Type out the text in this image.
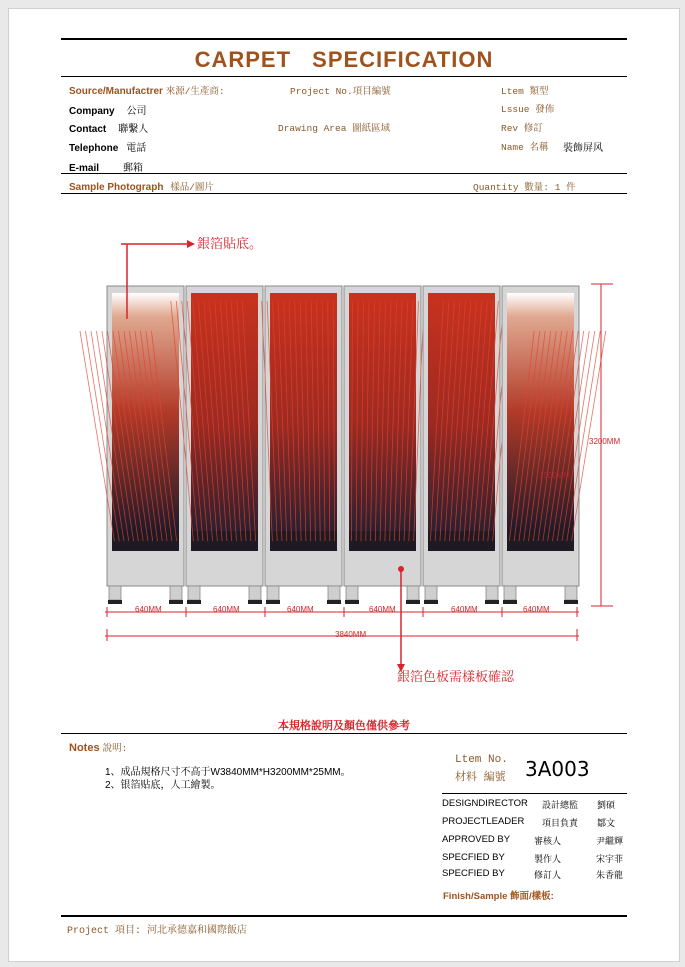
CARPET SPECIFICATION
Source/Manufactrer 來源/生產商:	Project No.項目編號	Ltem 類型
Company 公司	Lssue 發佈
Contact 聯繫人	Drawing Area 圖紙區域	Rev 修訂
Telephone 電話	Name 名稱 裝飾屏风
E-mail 郵箱
Sample Photograph 樣品/圖片	Quantity 數量: 1 件
銀箔貼底。
3200MM
1500MM
640MM	640MM	640MM	640MM	640MM	640MM
3840MM
銀箔色板需樣板確認
本規格說明及顏色僅供參考
Notes 說明:
1、成品規格尺寸不高于W3840MM*H3200MM*25MM。
2、银箔贴底，人工繪製。
Ltem No.
材料 編號 3A003
DESIGNDIRECTOR 設計總監 劉碩
PROJECTLEADER 項目負責 鄒文
APPROVED BY	審核人	尹繼輝
SPECFIED BY	製作人	宋宇菲
SPECFIED BY	修訂人	朱香龍
Finish/Sample 飾面/樣板:
Project 項目: 河北承德嘉和國際飯店
